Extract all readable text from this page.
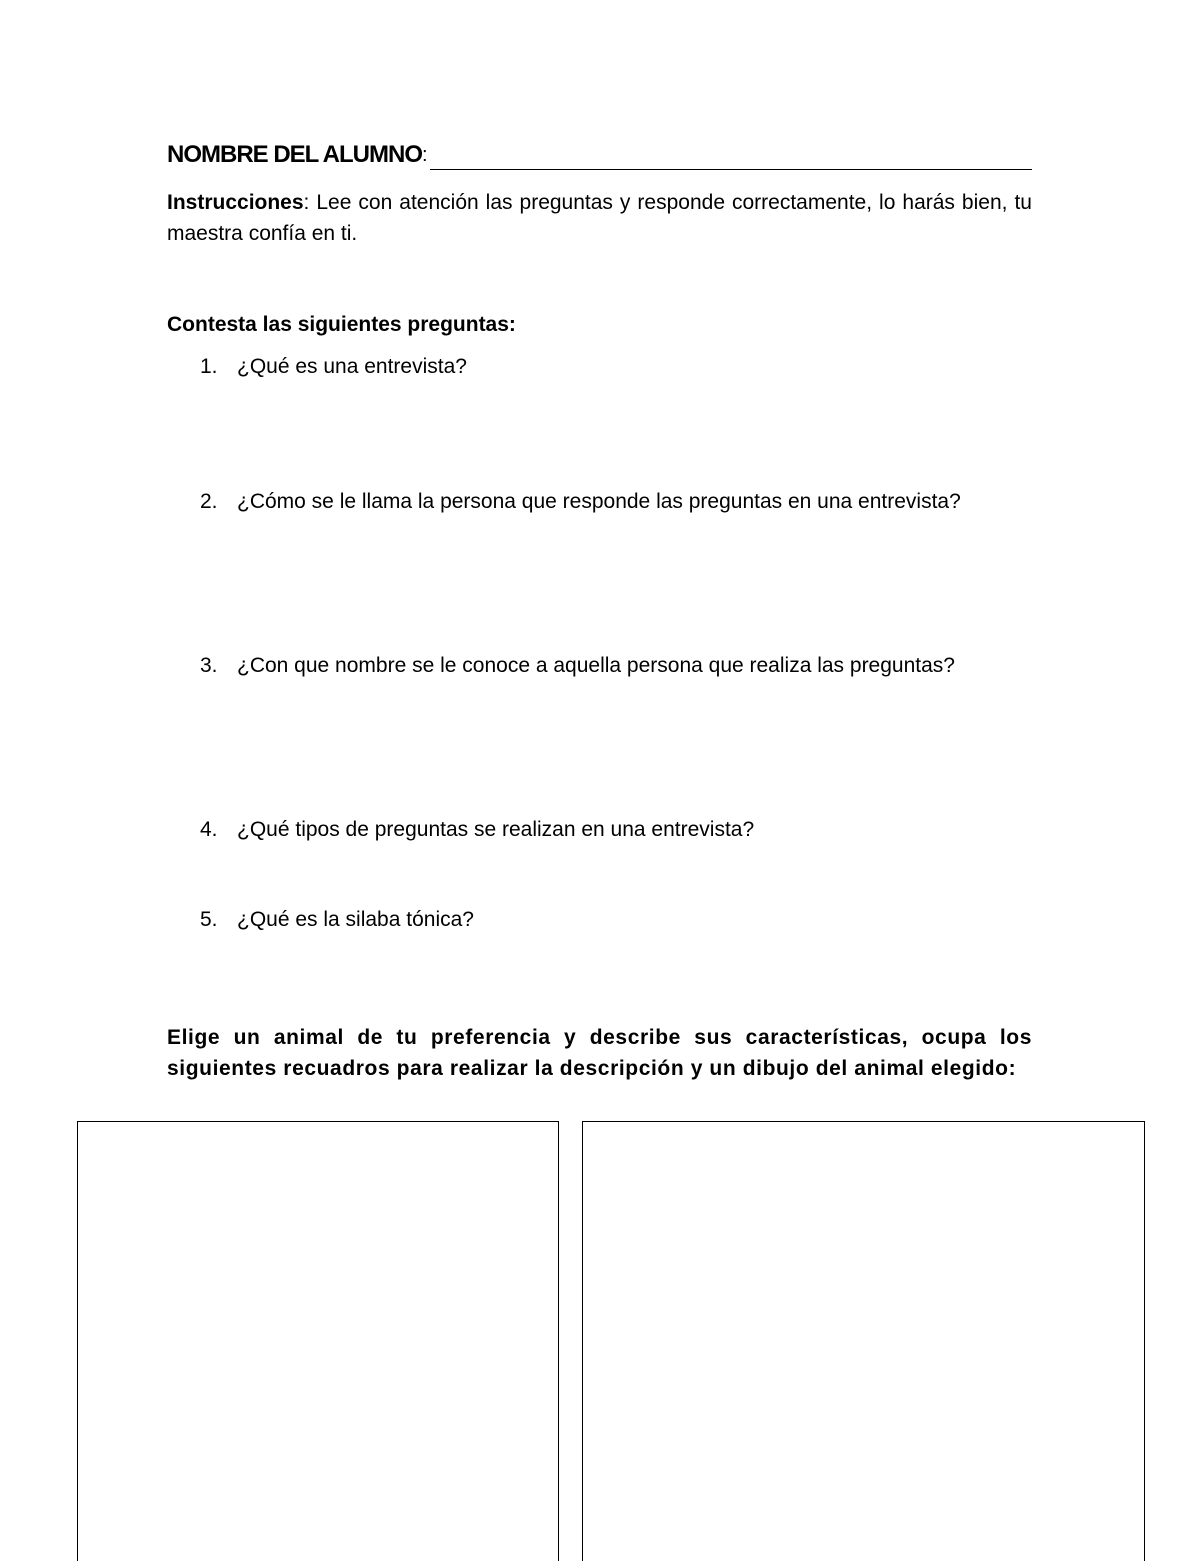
NOMBRE DEL ALUMNO :
Instrucciones: Lee con atención las preguntas y responde correctamente, lo harás bien, tu maestra confía en ti.
Contesta las siguientes preguntas:
1. ¿Qué es una entrevista?
2. ¿Cómo se le llama la persona que responde las preguntas en una entrevista?
3. ¿Con que nombre se le conoce a aquella persona que realiza las preguntas?
4. ¿Qué tipos de preguntas se realizan en una entrevista?
5. ¿Qué es la silaba tónica?
Elige un animal de tu preferencia y describe sus características, ocupa los siguientes recuadros para realizar la descripción y un dibujo del animal elegido:
